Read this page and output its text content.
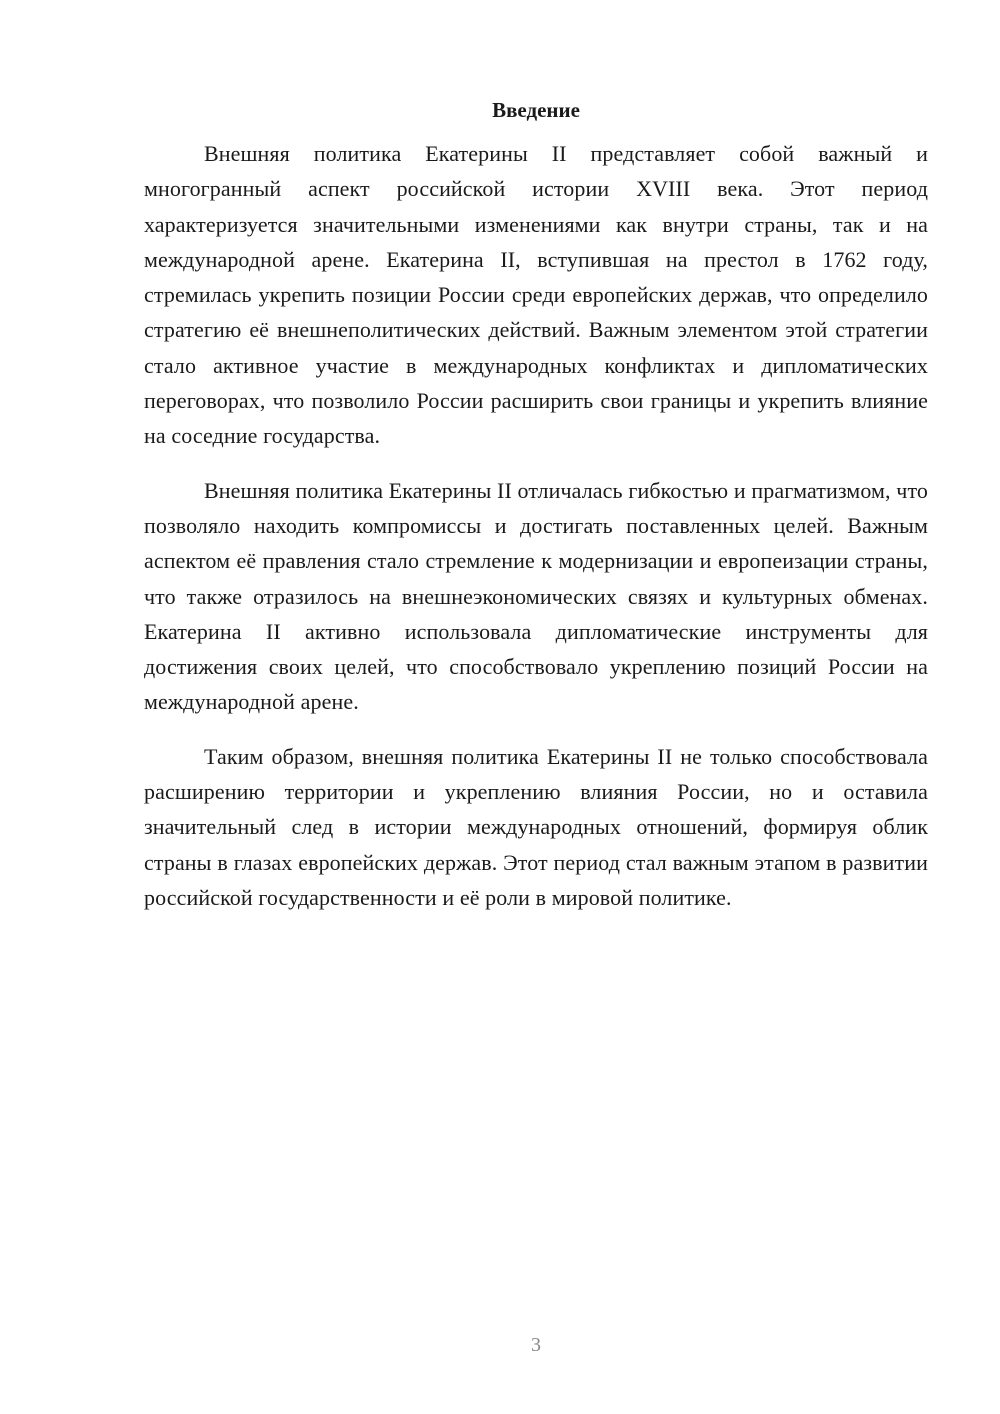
Введение

Внешняя политика Екатерины II представляет собой важный и многогранный аспект российской истории XVIII века. Этот период характеризуется значительными изменениями как внутри страны, так и на международной арене. Екатерина II, вступившая на престол в 1762 году, стремилась укрепить позиции России среди европейских держав, что определило стратегию её внешнеполитических действий. Важным элементом этой стратегии стало активное участие в международных конфликтах и дипломатических переговорах, что позволило России расширить свои границы и укрепить влияние на соседние государства.

Внешняя политика Екатерины II отличалась гибкостью и прагматизмом, что позволяло находить компромиссы и достигать поставленных целей. Важным аспектом её правления стало стремление к модернизации и европеизации страны, что также отразилось на внешнеэкономических связях и культурных обменах. Екатерина II активно использовала дипломатические инструменты для достижения своих целей, что способствовало укреплению позиций России на международной арене.

Таким образом, внешняя политика Екатерины II не только способствовала расширению территории и укреплению влияния России, но и оставила значительный след в истории международных отношений, формируя облик страны в глазах европейских держав. Этот период стал важным этапом в развитии российской государственности и её роли в мировой политике.

3
